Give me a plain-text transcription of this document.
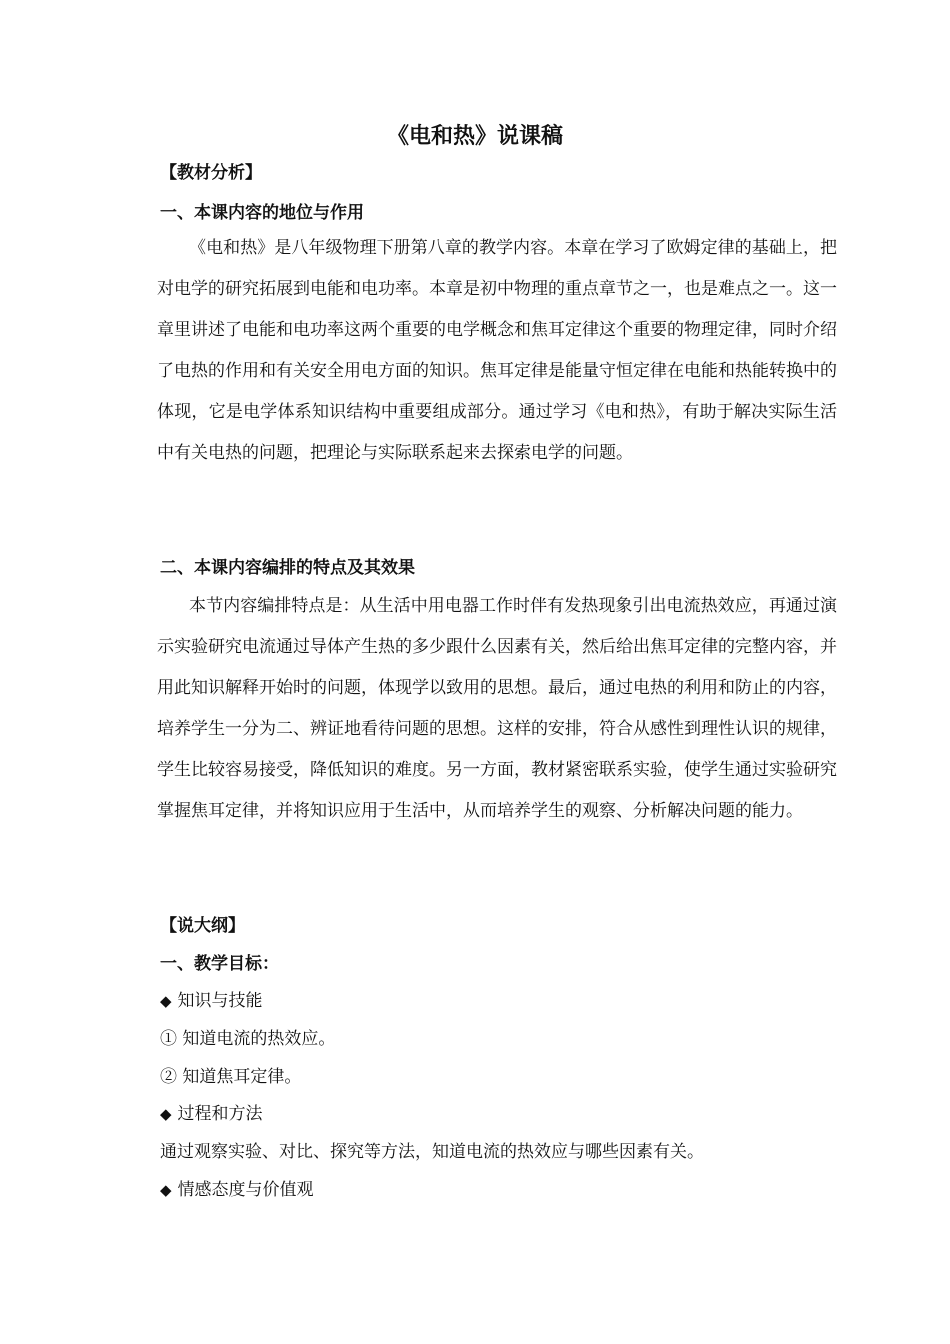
《电和热》说课稿
【教材分析】
一、本课内容的地位与作用
《电和热》是八年级物理下册第八章的教学内容。本章在学习了欧姆定律的基础上，把对电学的研究拓展到电能和电功率。本章是初中物理的重点章节之一，也是难点之一。这一章里讲述了电能和电功率这两个重要的电学概念和焦耳定律这个重要的物理定律，同时介绍了电热的作用和有关安全用电方面的知识。焦耳定律是能量守恒定律在电能和热能转换中的体现，它是电学体系知识结构中重要组成部分。通过学习《电和热》，有助于解决实际生活中有关电热的问题，把理论与实际联系起来去探索电学的问题。
二、本课内容编排的特点及其效果
本节内容编排特点是：从生活中用电器工作时伴有发热现象引出电流热效应，再通过演示实验研究电流通过导体产生热的多少跟什么因素有关，然后给出焦耳定律的完整内容，并用此知识解释开始时的问题，体现学以致用的思想。最后，通过电热的利用和防止的内容，培养学生一分为二、辨证地看待问题的思想。这样的安排，符合从感性到理性认识的规律，学生比较容易接受，降低知识的难度。另一方面，教材紧密联系实验，使学生通过实验研究掌握焦耳定律，并将知识应用于生活中，从而培养学生的观察、分析解决问题的能力。
【说大纲】
一、教学目标：
◆ 知识与技能
① 知道电流的热效应。
② 知道焦耳定律。
◆ 过程和方法
通过观察实验、对比、探究等方法，知道电流的热效应与哪些因素有关。
◆ 情感态度与价值观
